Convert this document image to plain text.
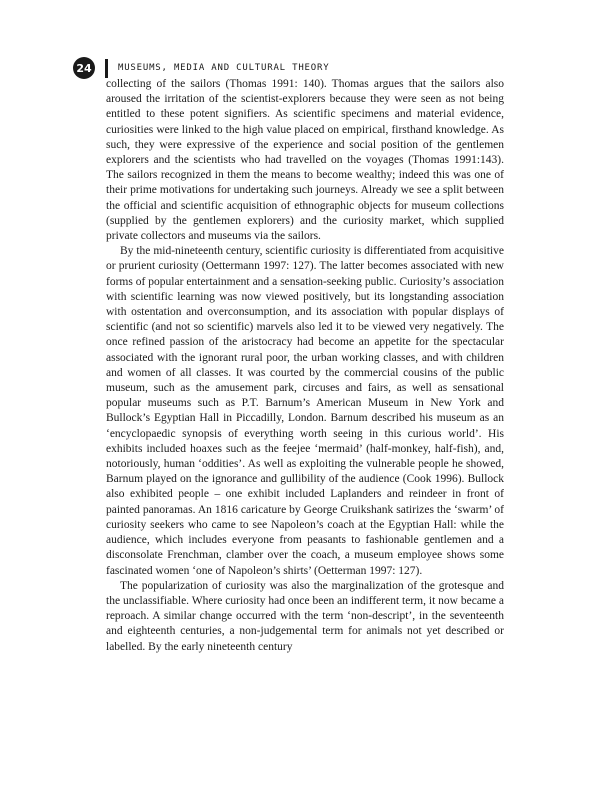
24	MUSEUMS, MEDIA AND CULTURAL THEORY

collecting of the sailors (Thomas 1991: 140). Thomas argues that the sailors also aroused the irritation of the scientist-explorers because they were seen as not being entitled to these potent signifiers. As scientific specimens and material evidence, curiosities were linked to the high value placed on empirical, firsthand knowledge. As such, they were expressive of the experience and social position of the gentlemen explorers and the scientists who had travelled on the voyages (Thomas 1991:143). The sailors recognized in them the means to become wealthy; indeed this was one of their prime motivations for undertaking such journeys. Already we see a split between the official and scientific acquisition of ethnographic objects for museum collections (supplied by the gentlemen explorers) and the curiosity market, which supplied private collectors and museums via the sailors.

By the mid-nineteenth century, scientific curiosity is differentiated from acquisitive or prurient curiosity (Oettermann 1997: 127). The latter becomes associated with new forms of popular entertainment and a sensation-seeking public. Curiosity’s association with scientific learning was now viewed positively, but its longstanding association with ostentation and overconsumption, and its association with popular displays of scientific (and not so scientific) marvels also led it to be viewed very negatively. The once refined passion of the aristocracy had become an appetite for the spectacular associated with the ignorant rural poor, the urban working classes, and with children and women of all classes. It was courted by the commercial cousins of the public museum, such as the amusement park, circuses and fairs, as well as sensational popular museums such as P.T. Barnum’s American Museum in New York and Bullock’s Egyptian Hall in Piccadilly, London. Barnum described his museum as an ‘encyclopaedic synopsis of everything worth seeing in this curious world’. His exhibits included hoaxes such as the feejee ‘mermaid’ (half-monkey, half-fish), and, notoriously, human ‘oddities’. As well as exploiting the vulnerable people he showed, Barnum played on the ignorance and gullibility of the audience (Cook 1996). Bullock also exhibited people – one exhibit included Laplanders and reindeer in front of painted panoramas. An 1816 caricature by George Cruikshank satirizes the ‘swarm’ of curiosity seekers who came to see Napoleon’s coach at the Egyptian Hall: while the audience, which includes everyone from peasants to fashionable gentlemen and a disconsolate Frenchman, clamber over the coach, a museum employee shows some fascinated women ‘one of Napoleon’s shirts’ (Oetterman 1997: 127).

The popularization of curiosity was also the marginalization of the grotesque and the unclassifiable. Where curiosity had once been an indifferent term, it now became a reproach. A similar change occurred with the term ‘non-descript’, in the seventeenth and eighteenth centuries, a non-judgemental term for animals not yet described or labelled. By the early nineteenth century
